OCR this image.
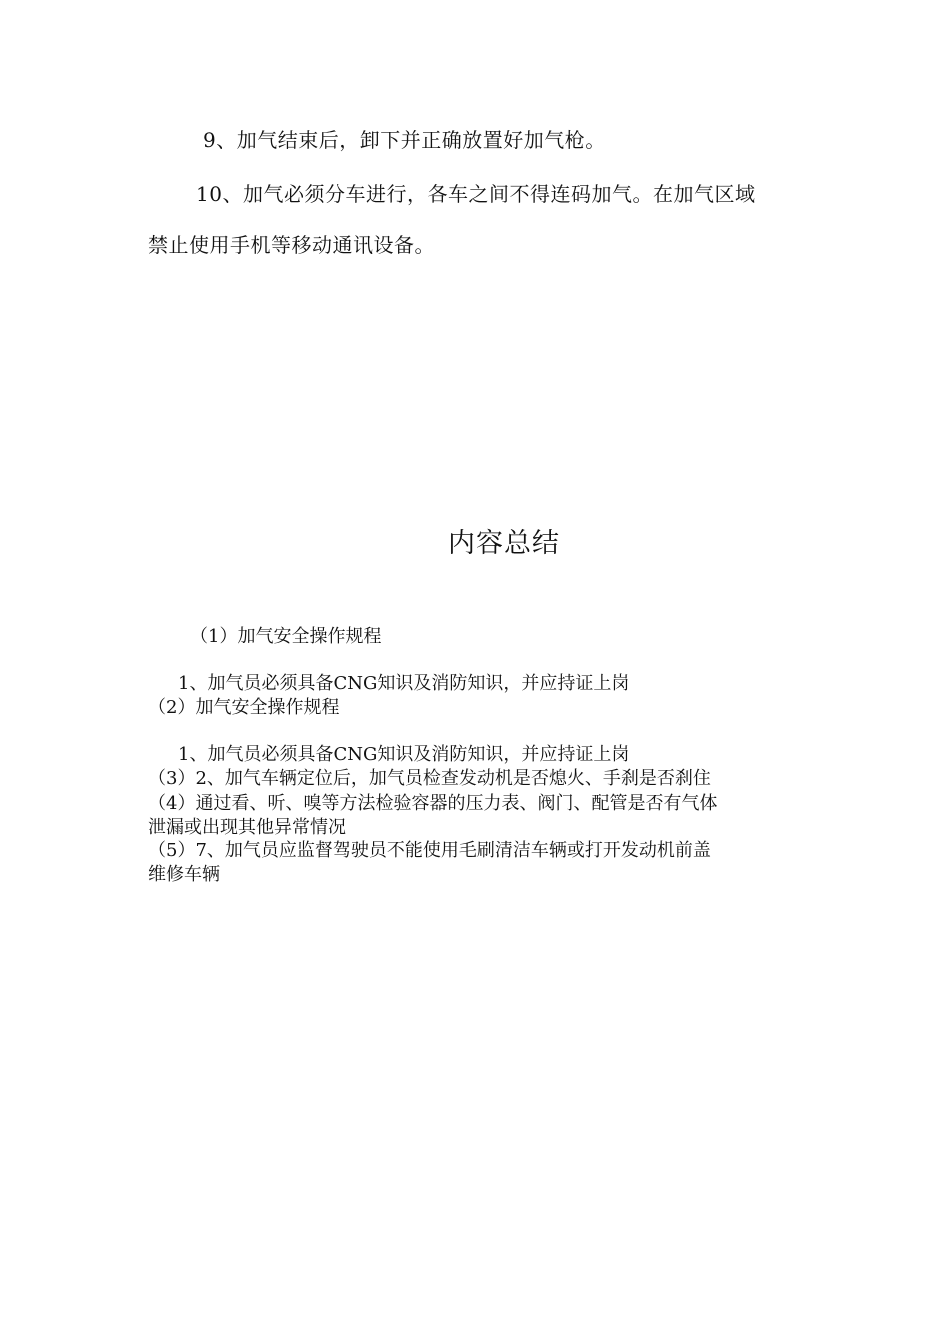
9、加气结束后，卸下并正确放置好加气枪。
10、加气必须分车进行，各车之间不得连码加气。在加气区域
禁止使用手机等移动通讯设备。
内容总结
（1）加气安全操作规程
1、加气员必须具备CNG知识及消防知识，并应持证上岗
（2）加气安全操作规程
1、加气员必须具备CNG知识及消防知识，并应持证上岗
（3）2、加气车辆定位后，加气员检查发动机是否熄火、手刹是否刹住
（4）通过看、听、嗅等方法检验容器的压力表、阀门、配管是否有气体
泄漏或出现其他异常情况
（5）7、加气员应监督驾驶员不能使用毛刷清洁车辆或打开发动机前盖
维修车辆
